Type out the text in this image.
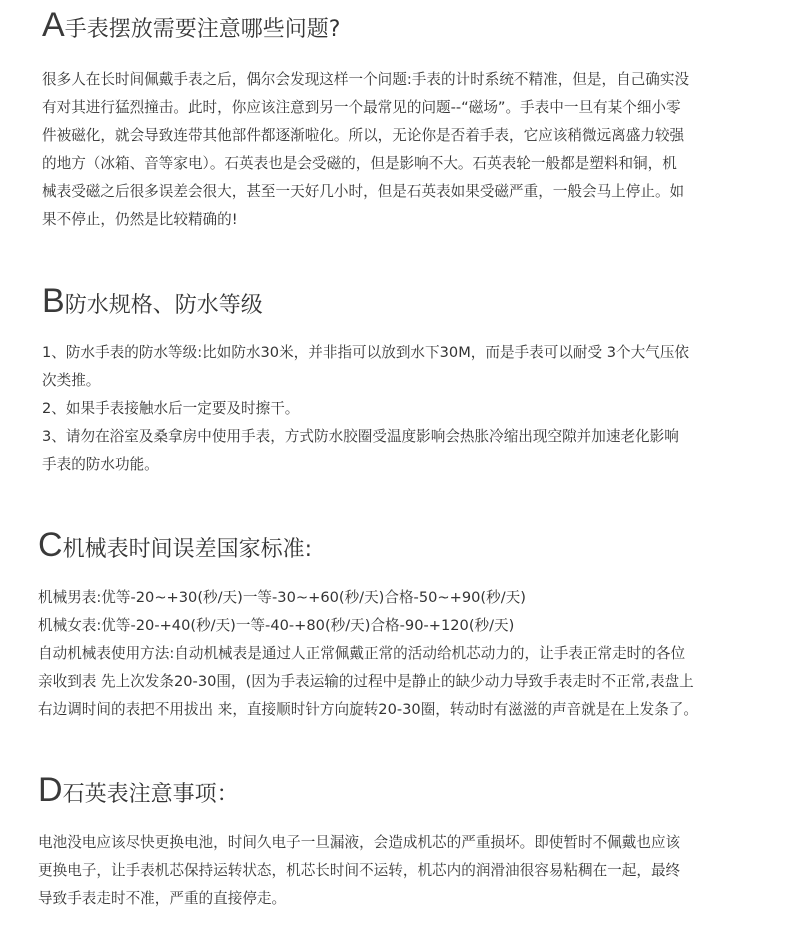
A手表摆放需要注意哪些问题?
很多人在长时间佩戴手表之后，偶尔会发现这样一个问题:手表的计时系统不精准，但是，自己确实没
有对其进行猛烈撞击。此时，你应该注意到另一个最常见的问题--“磁场”。手表中一旦有某个细小零
件被磁化，就会导致连带其他部件都逐渐啦化。所以，无论你是否着手表，它应该稍微远离盛力较强
的地方（冰箱、音等家电）。石英表也是会受磁的，但是影响不大。石英表轮一般都是塑料和铜，机
械表受磁之后很多误差会很大，甚至一天好几小时，但是石英表如果受磁严重，一般会马上停止。如
果不停止，仍然是比较精确的!
B防水规格、防水等级
1、防水手表的防水等级:比如防水30米，并非指可以放到水下30M，而是手表可以耐受 3个大气压依
次类推。
2、如果手表接触水后一定要及时擦干。
3、请勿在浴室及桑拿房中使用手表，方式防水胶圈受温度影响会热胀冷缩出现空隙并加速老化影响
手表的防水功能。
C机械表时间误差国家标准:
机械男表:优等-20~+30(秒/天)一等-30~+60(秒/天)合格-50~+90(秒/天)
机械女表:优等-20-+40(秒/天)一等-40-+80(秒/天)合格-90-+120(秒/天)
自动机械表使用方法:自动机械表是通过人正常佩戴正常的活动给机芯动力的，让手表正常走时的各位
亲收到表 先上次发条20-30围，(因为手表运输的过程中是静止的缺少动力导致手表走时不正常,表盘上
右边调时间的表把不用拔出 来，直接顺时针方向旋转20-30圈，转动时有滋滋的声音就是在上发条了。
D石英表注意事项：
电池没电应该尽快更换电池，时间久电子一旦漏液，会造成机芯的严重损坏。即使暂时不佩戴也应该
更换电子，让手表机芯保持运转状态，机芯长时间不运转，机芯内的润滑油很容易粘稠在一起，最终
导致手表走时不准，严重的直接停走。
